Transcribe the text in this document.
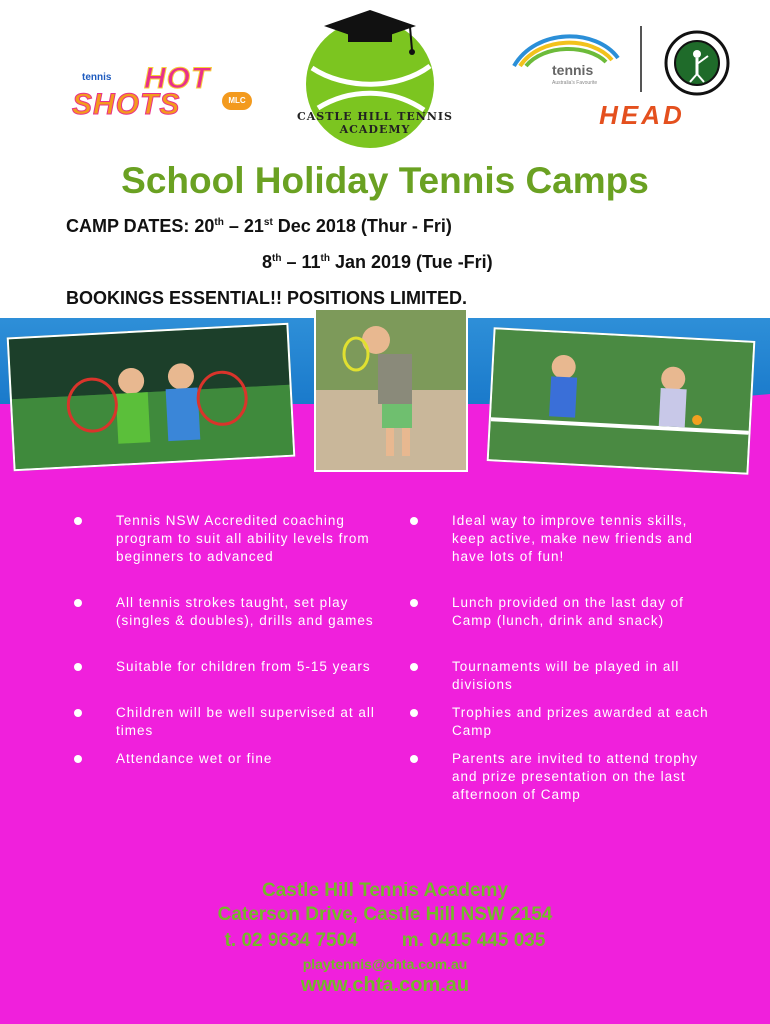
tennis HOT
SHOTS	MLC
CASTLE HILL TENNIS ACADEMY
tennis
Australia's Favourite
HEAD
School Holiday Tennis Camps
CAMP DATES: 20th – 21st Dec 2018 (Thur - Fri)
8th – 11th Jan 2019 (Tue -Fri)
BOOKINGS ESSENTIAL!! POSITIONS LIMITED.
Tennis NSW Accredited coaching program to suit all ability levels from beginners to advanced
All tennis strokes taught, set play (singles & doubles), drills and games
Suitable for children from 5-15 years
Children will be well supervised at all times
Attendance wet or fine
Ideal way to improve tennis skills, keep active, make new friends and have lots of fun!
Lunch provided on the last day of Camp (lunch, drink and snack)
Tournaments will be played in all divisions
Trophies and prizes awarded at each Camp
Parents are invited to attend trophy and prize presentation on the last afternoon of Camp
Castle Hill Tennis Academy
Caterson Drive, Castle Hill NSW 2154
t. 02 9634 7504 m. 0415 445 035
playtennis@chta.com.au
www.chta.com.au
